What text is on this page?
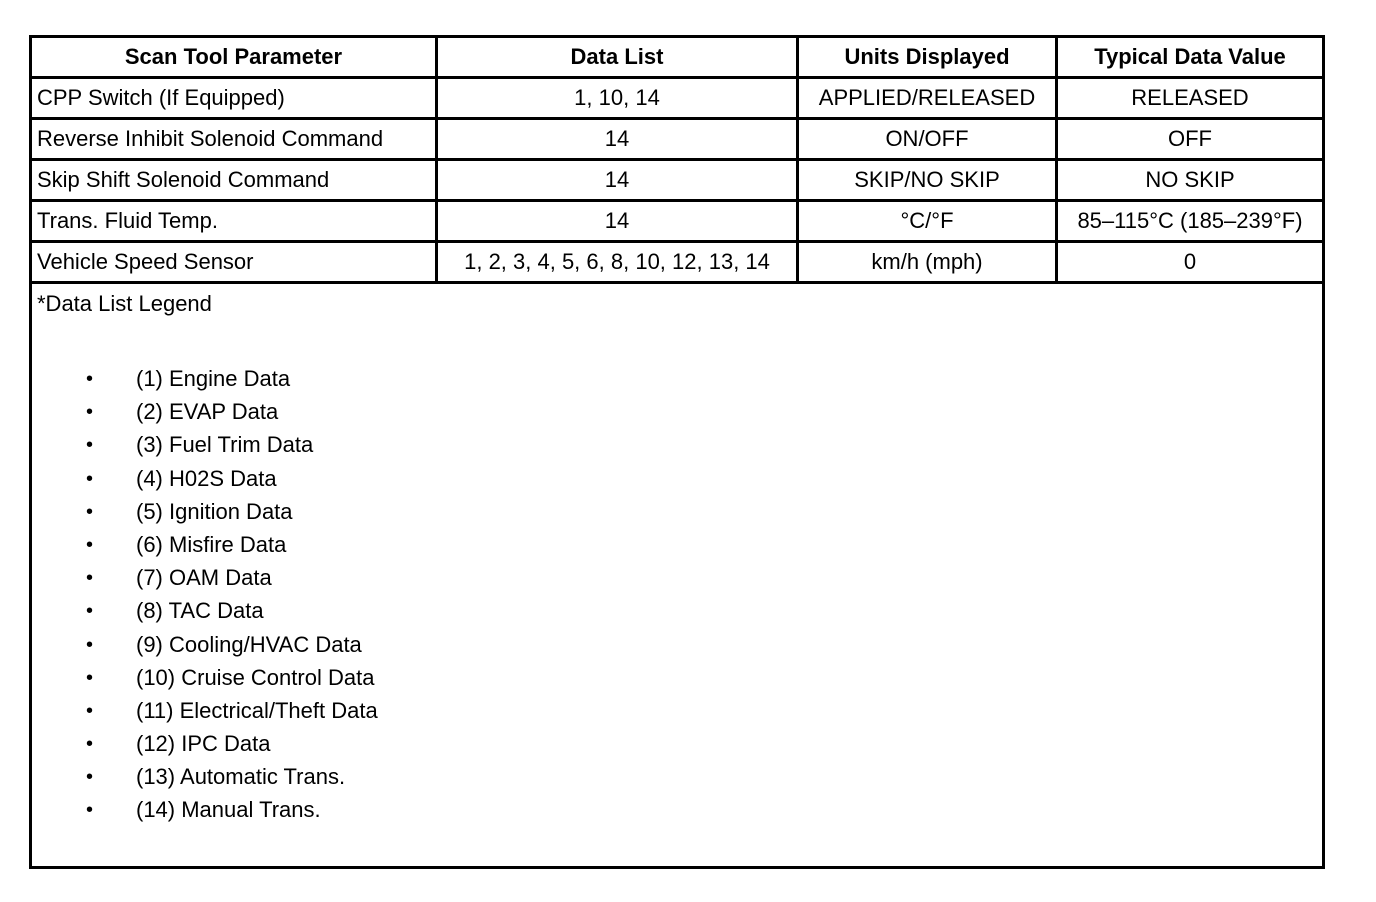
Scan Tool Parameter	Data List	Units Displayed	Typical Data Value
CPP Switch (If Equipped)	1, 10, 14	APPLIED/RELEASED	RELEASED
Reverse Inhibit Solenoid Command	14	ON/OFF	OFF
Skip Shift Solenoid Command	14	SKIP/NO SKIP	NO SKIP
Trans. Fluid Temp.	14	°C/°F	85–115°C (185–239°F)
Vehicle Speed Sensor	1, 2, 3, 4, 5, 6, 8, 10, 12, 13, 14	km/h (mph)	0
*Data List Legend
• (1) Engine Data
• (2) EVAP Data
• (3) Fuel Trim Data
• (4) H02S Data
• (5) Ignition Data
• (6) Misfire Data
• (7) OAM Data
• (8) TAC Data
• (9) Cooling/HVAC Data
• (10) Cruise Control Data
• (11) Electrical/Theft Data
• (12) IPC Data
• (13) Automatic Trans.
• (14) Manual Trans.
